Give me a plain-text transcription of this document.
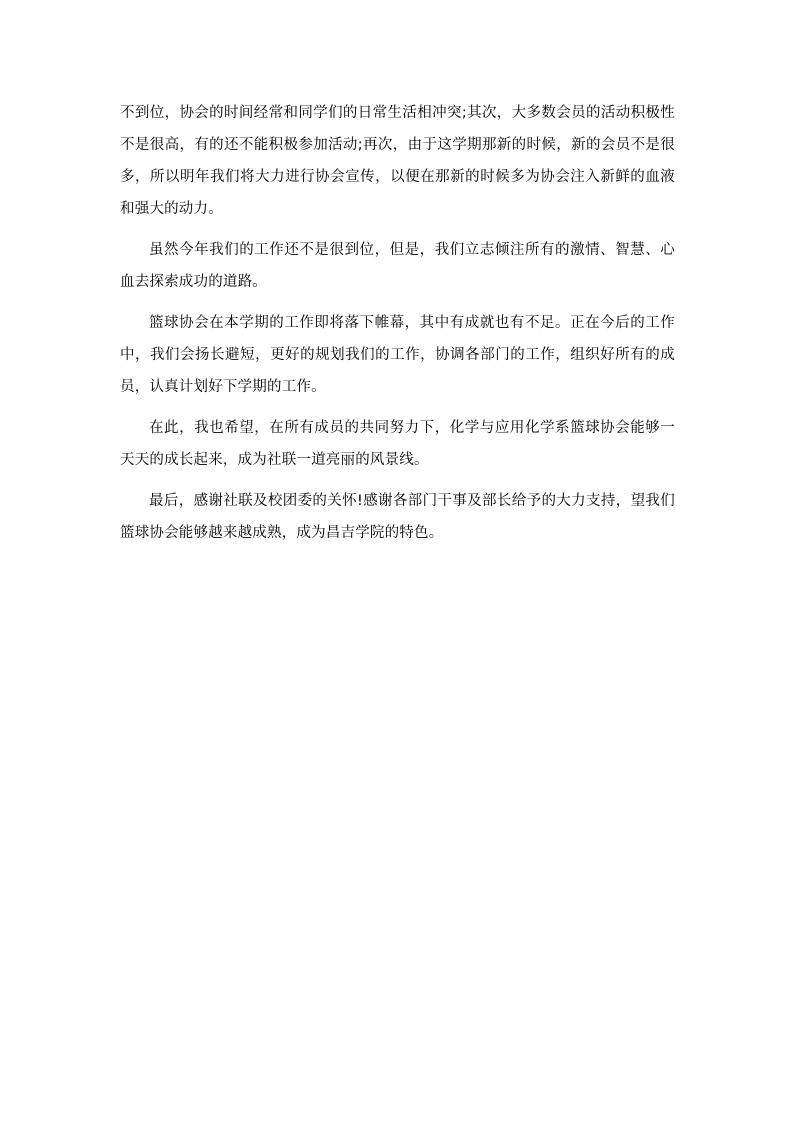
不到位，协会的时间经常和同学们的日常生活相冲突;其次，大多数会员的活动积极性不是很高，有的还不能积极参加活动;再次，由于这学期那新的时候，新的会员不是很多，所以明年我们将大力进行协会宣传，以便在那新的时候多为协会注入新鲜的血液和强大的动力。

虽然今年我们的工作还不是很到位，但是，我们立志倾注所有的激情、智慧、心血去探索成功的道路。

篮球协会在本学期的工作即将落下帷幕，其中有成就也有不足。正在今后的工作中，我们会扬长避短，更好的规划我们的工作，协调各部门的工作，组织好所有的成员，认真计划好下学期的工作。

在此，我也希望，在所有成员的共同努力下，化学与应用化学系篮球协会能够一天天的成长起来，成为社联一道亮丽的风景线。

最后，感谢社联及校团委的关怀!感谢各部门干事及部长给予的大力支持，望我们篮球协会能够越来越成熟，成为昌吉学院的特色。
